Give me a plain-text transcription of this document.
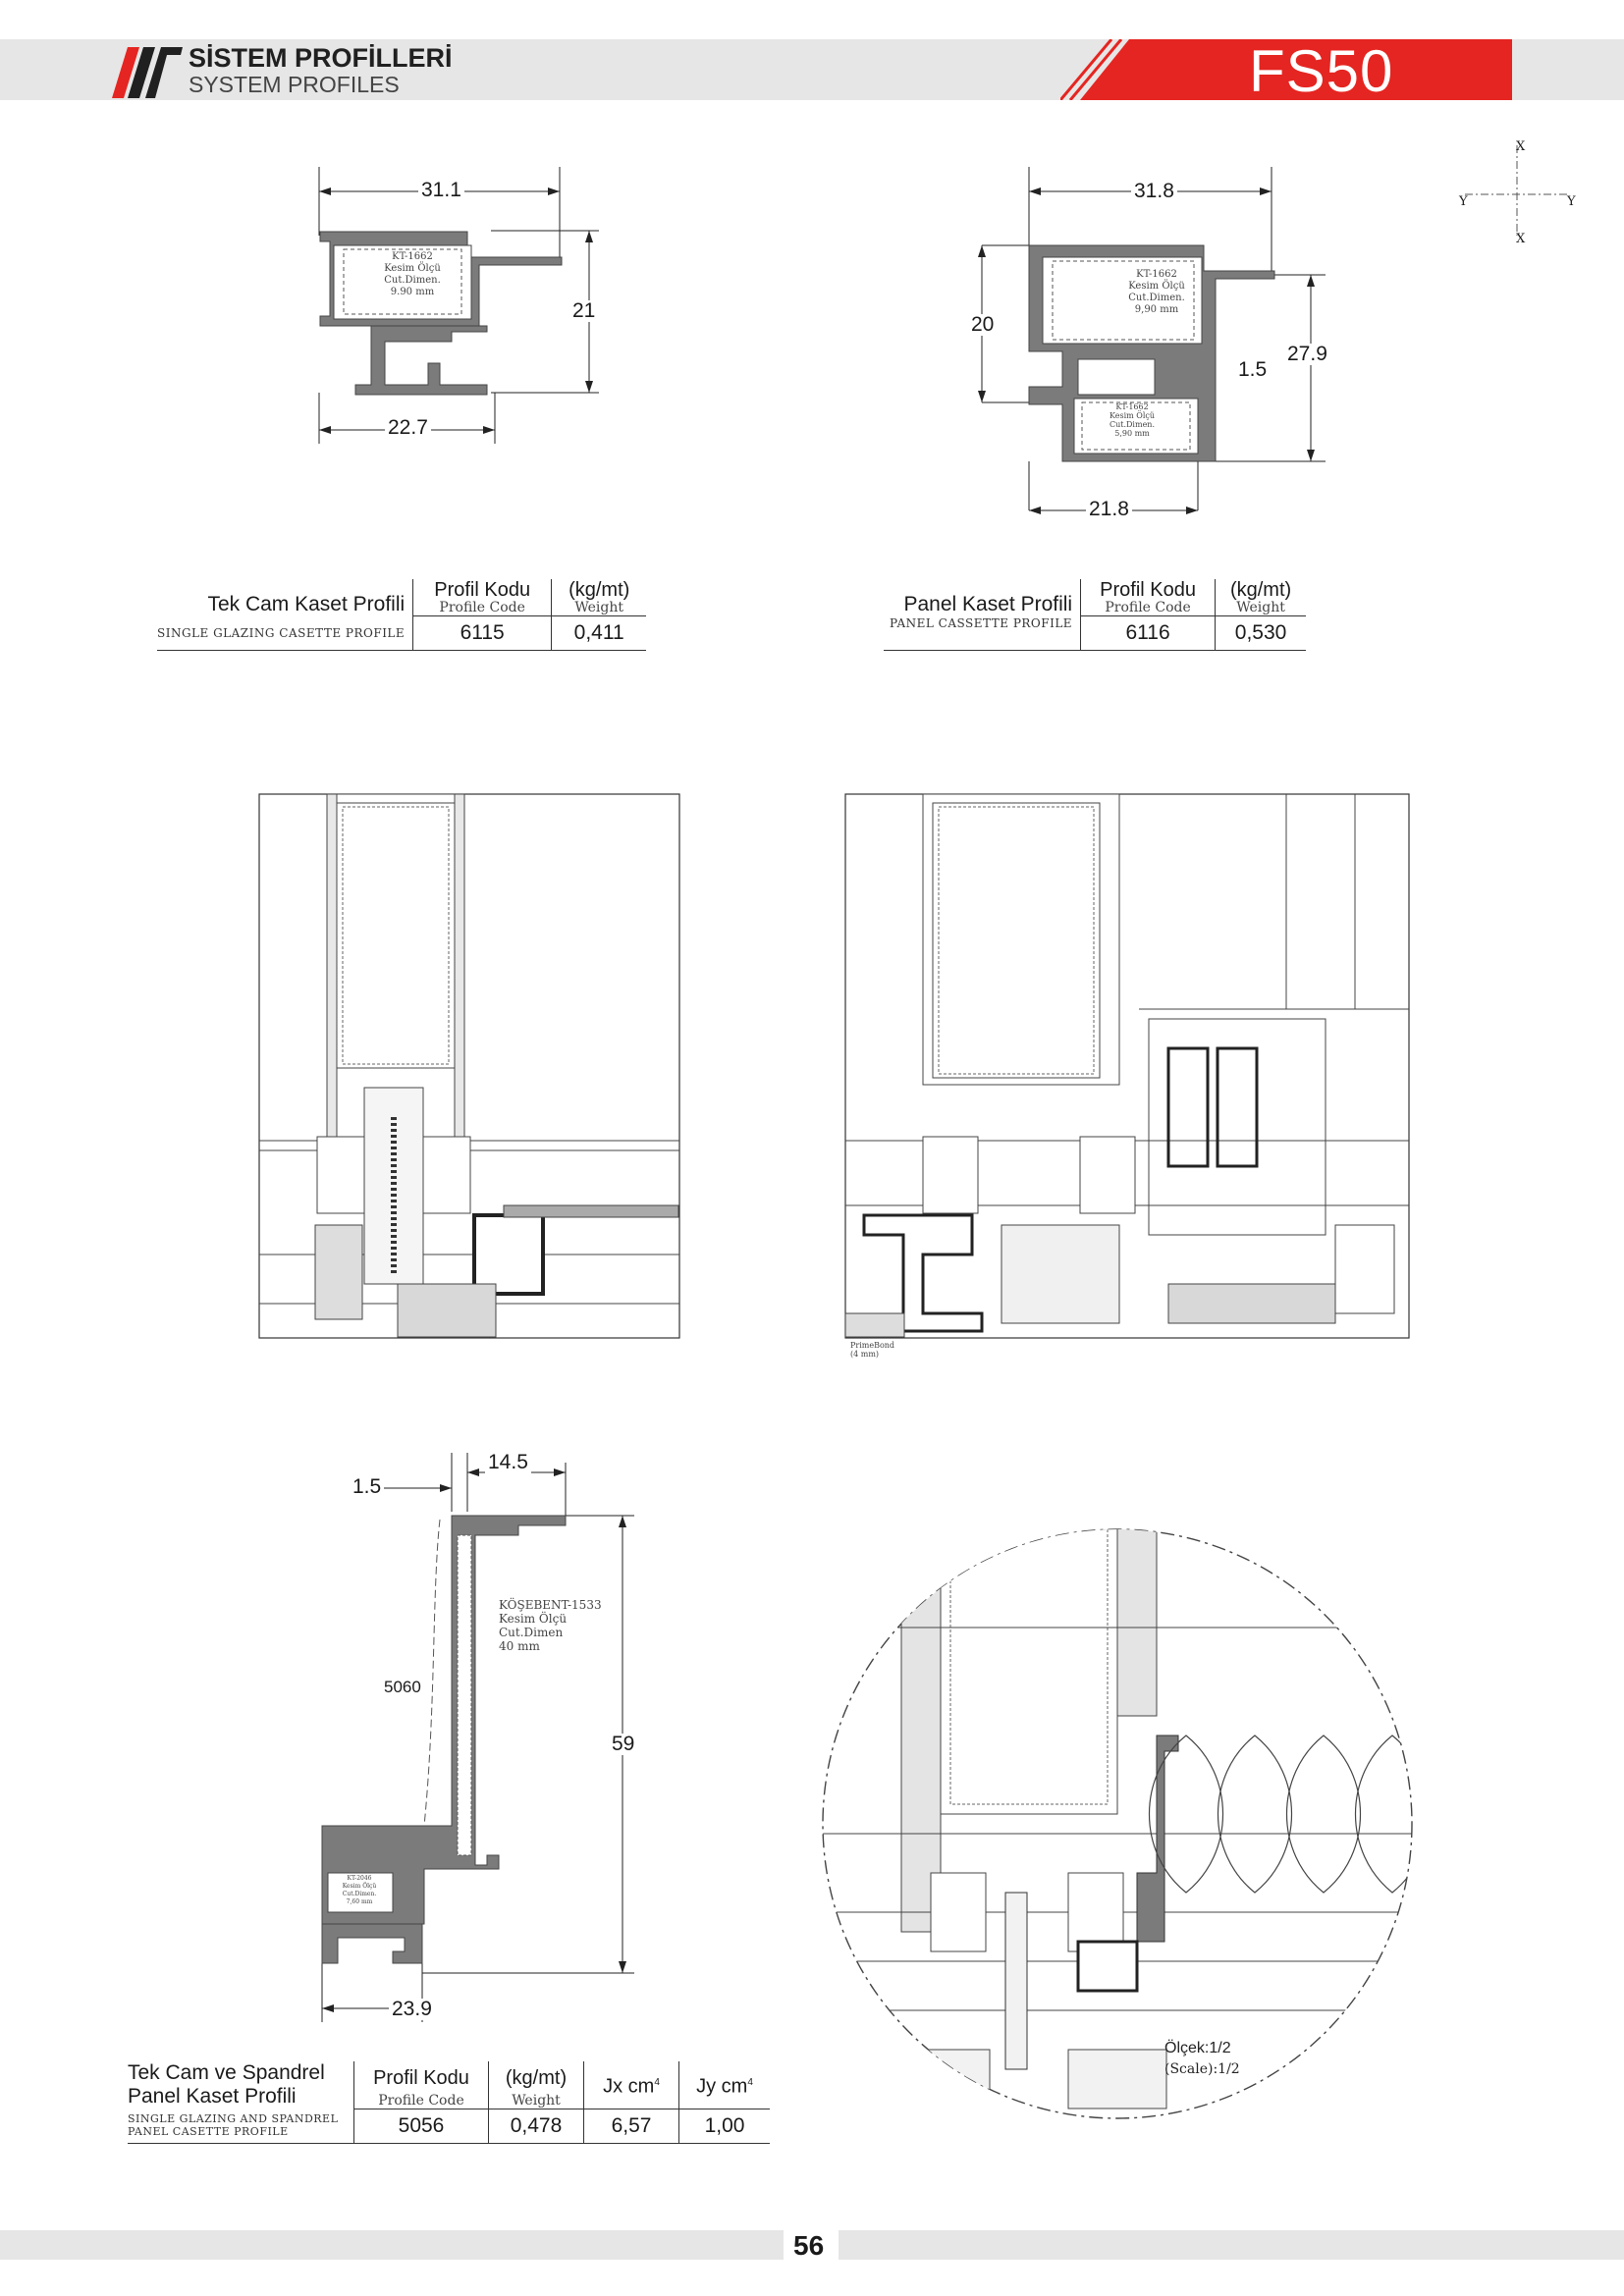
SİSTEM PROFİLLERİ
SYSTEM PROFILES	FS50
X
X
Y	Y
31.1
21
22.7
KT-1662
Kesim Ölçü
Cut.Dimen.
9.90 mm
31.8
20
27.9
1.5
21.8
KT-1662
Kesim Ölçü
Cut.Dimen.
9,90 mm
KT-1662
Kesim Ölçü
Cut.Dimen.
5,90 mm
Tek Cam Kaset Profili	Profil Kodu	(kg/mt)
	Profile Code	Weight
SINGLE GLAZING CASETTE PROFILE	6115	0,411
Panel Kaset Profili	Profil Kodu	(kg/mt)
	Profile Code	Weight
PANEL CASSETTE PROFILE	6116	0,530
PrimeBond
(4 mm)
14.5
1.5
59
23.9
5060
KÖŞEBENT-1533
Kesim Ölçü
Cut.Dimen
40 mm
KT-2046
Kesim Ölçü
Cut.Dimen.
7,60 mm
Ölçek:1/2
(Scale):1/2
Tek Cam ve Spandrel
Panel Kaset Profili	Profil Kodu	(kg/mt)	Jx $cm^4$	Jy $cm^4$
	Profile Code	Weight		

SINGLE GLAZING AND SPANDREL
PANEL CASETTE PROFILE	5056	0,478	6,57	1,00
56
